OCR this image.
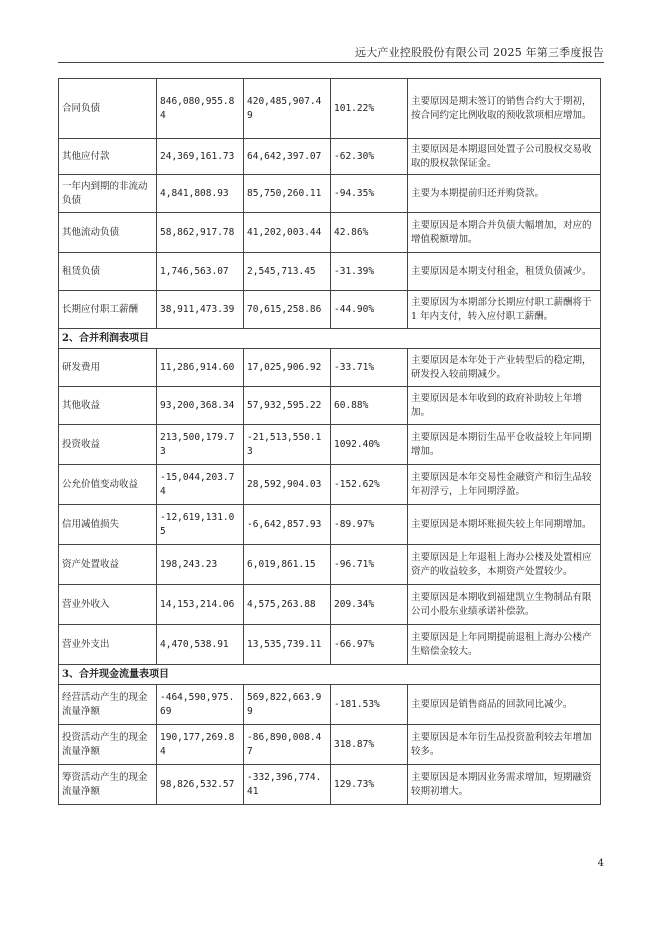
远大产业控股股份有限公司 2025 年第三季度报告
合同负债	846,080,955.84	420,485,907.49	101.22%	主要原因是期末签订的销售合约大于期初，按合同约定比例收取的预收款项相应增加。
其他应付款	24,369,161.73	64,642,397.07	-62.30%	主要原因是本期退回处置子公司股权交易收取的股权款保证金。
一年内到期的非流动负债	4,841,808.93	85,750,260.11	-94.35%	主要为本期提前归还并购贷款。
其他流动负债	58,862,917.78	41,202,003.44	42.86%	主要原因是本期合并负债大幅增加，对应的增值税额增加。
租赁负债	1,746,563.07	2,545,713.45	-31.39%	主要原因是本期支付租金，租赁负债减少。
长期应付职工薪酬	38,911,473.39	70,615,258.86	-44.90%	主要原因为本期部分长期应付职工薪酬将于 1 年内支付，转入应付职工薪酬。
2、合并利润表项目				
研发费用	11,286,914.60	17,025,906.92	-33.71%	主要原因是本年处于产业转型后的稳定期，研发投入较前期减少。
其他收益	93,200,368.34	57,932,595.22	60.88%	主要原因是本年收到的政府补助较上年增加。
投资收益	213,500,179.73	-21,513,550.13	1092.40%	主要原因是本期衍生品平仓收益较上年同期增加。
公允价值变动收益	-15,044,203.74	28,592,904.03	-152.62%	主要原因是本年交易性金融资产和衍生品较年初浮亏，上年同期浮盈。
信用减值损失	-12,619,131.05	-6,642,857.93	-89.97%	主要原因是本期坏账损失较上年同期增加。
资产处置收益	198,243.23	6,019,861.15	-96.71%	主要原因是上年退租上海办公楼及处置相应资产的收益较多，本期资产处置较少。
营业外收入	14,153,214.06	4,575,263.88	209.34%	主要原因是本期收到福建凯立生物制品有限公司小股东业绩承诺补偿款。
营业外支出	4,470,538.91	13,535,739.11	-66.97%	主要原因是上年同期提前退租上海办公楼产生赔偿金较大。
3、合并现金流量表项目				
经营活动产生的现金流量净额	-464,590,975.69	569,822,663.99	-181.53%	主要原因是销售商品的回款同比减少。
投资活动产生的现金流量净额	190,177,269.84	-86,890,008.47	318.87%	主要原因是本年衍生品投资盈利较去年增加较多。
筹资活动产生的现金流量净额	98,826,532.57	-332,396,774.41	129.73%	主要原因是本期因业务需求增加，短期融资较期初增大。
4
